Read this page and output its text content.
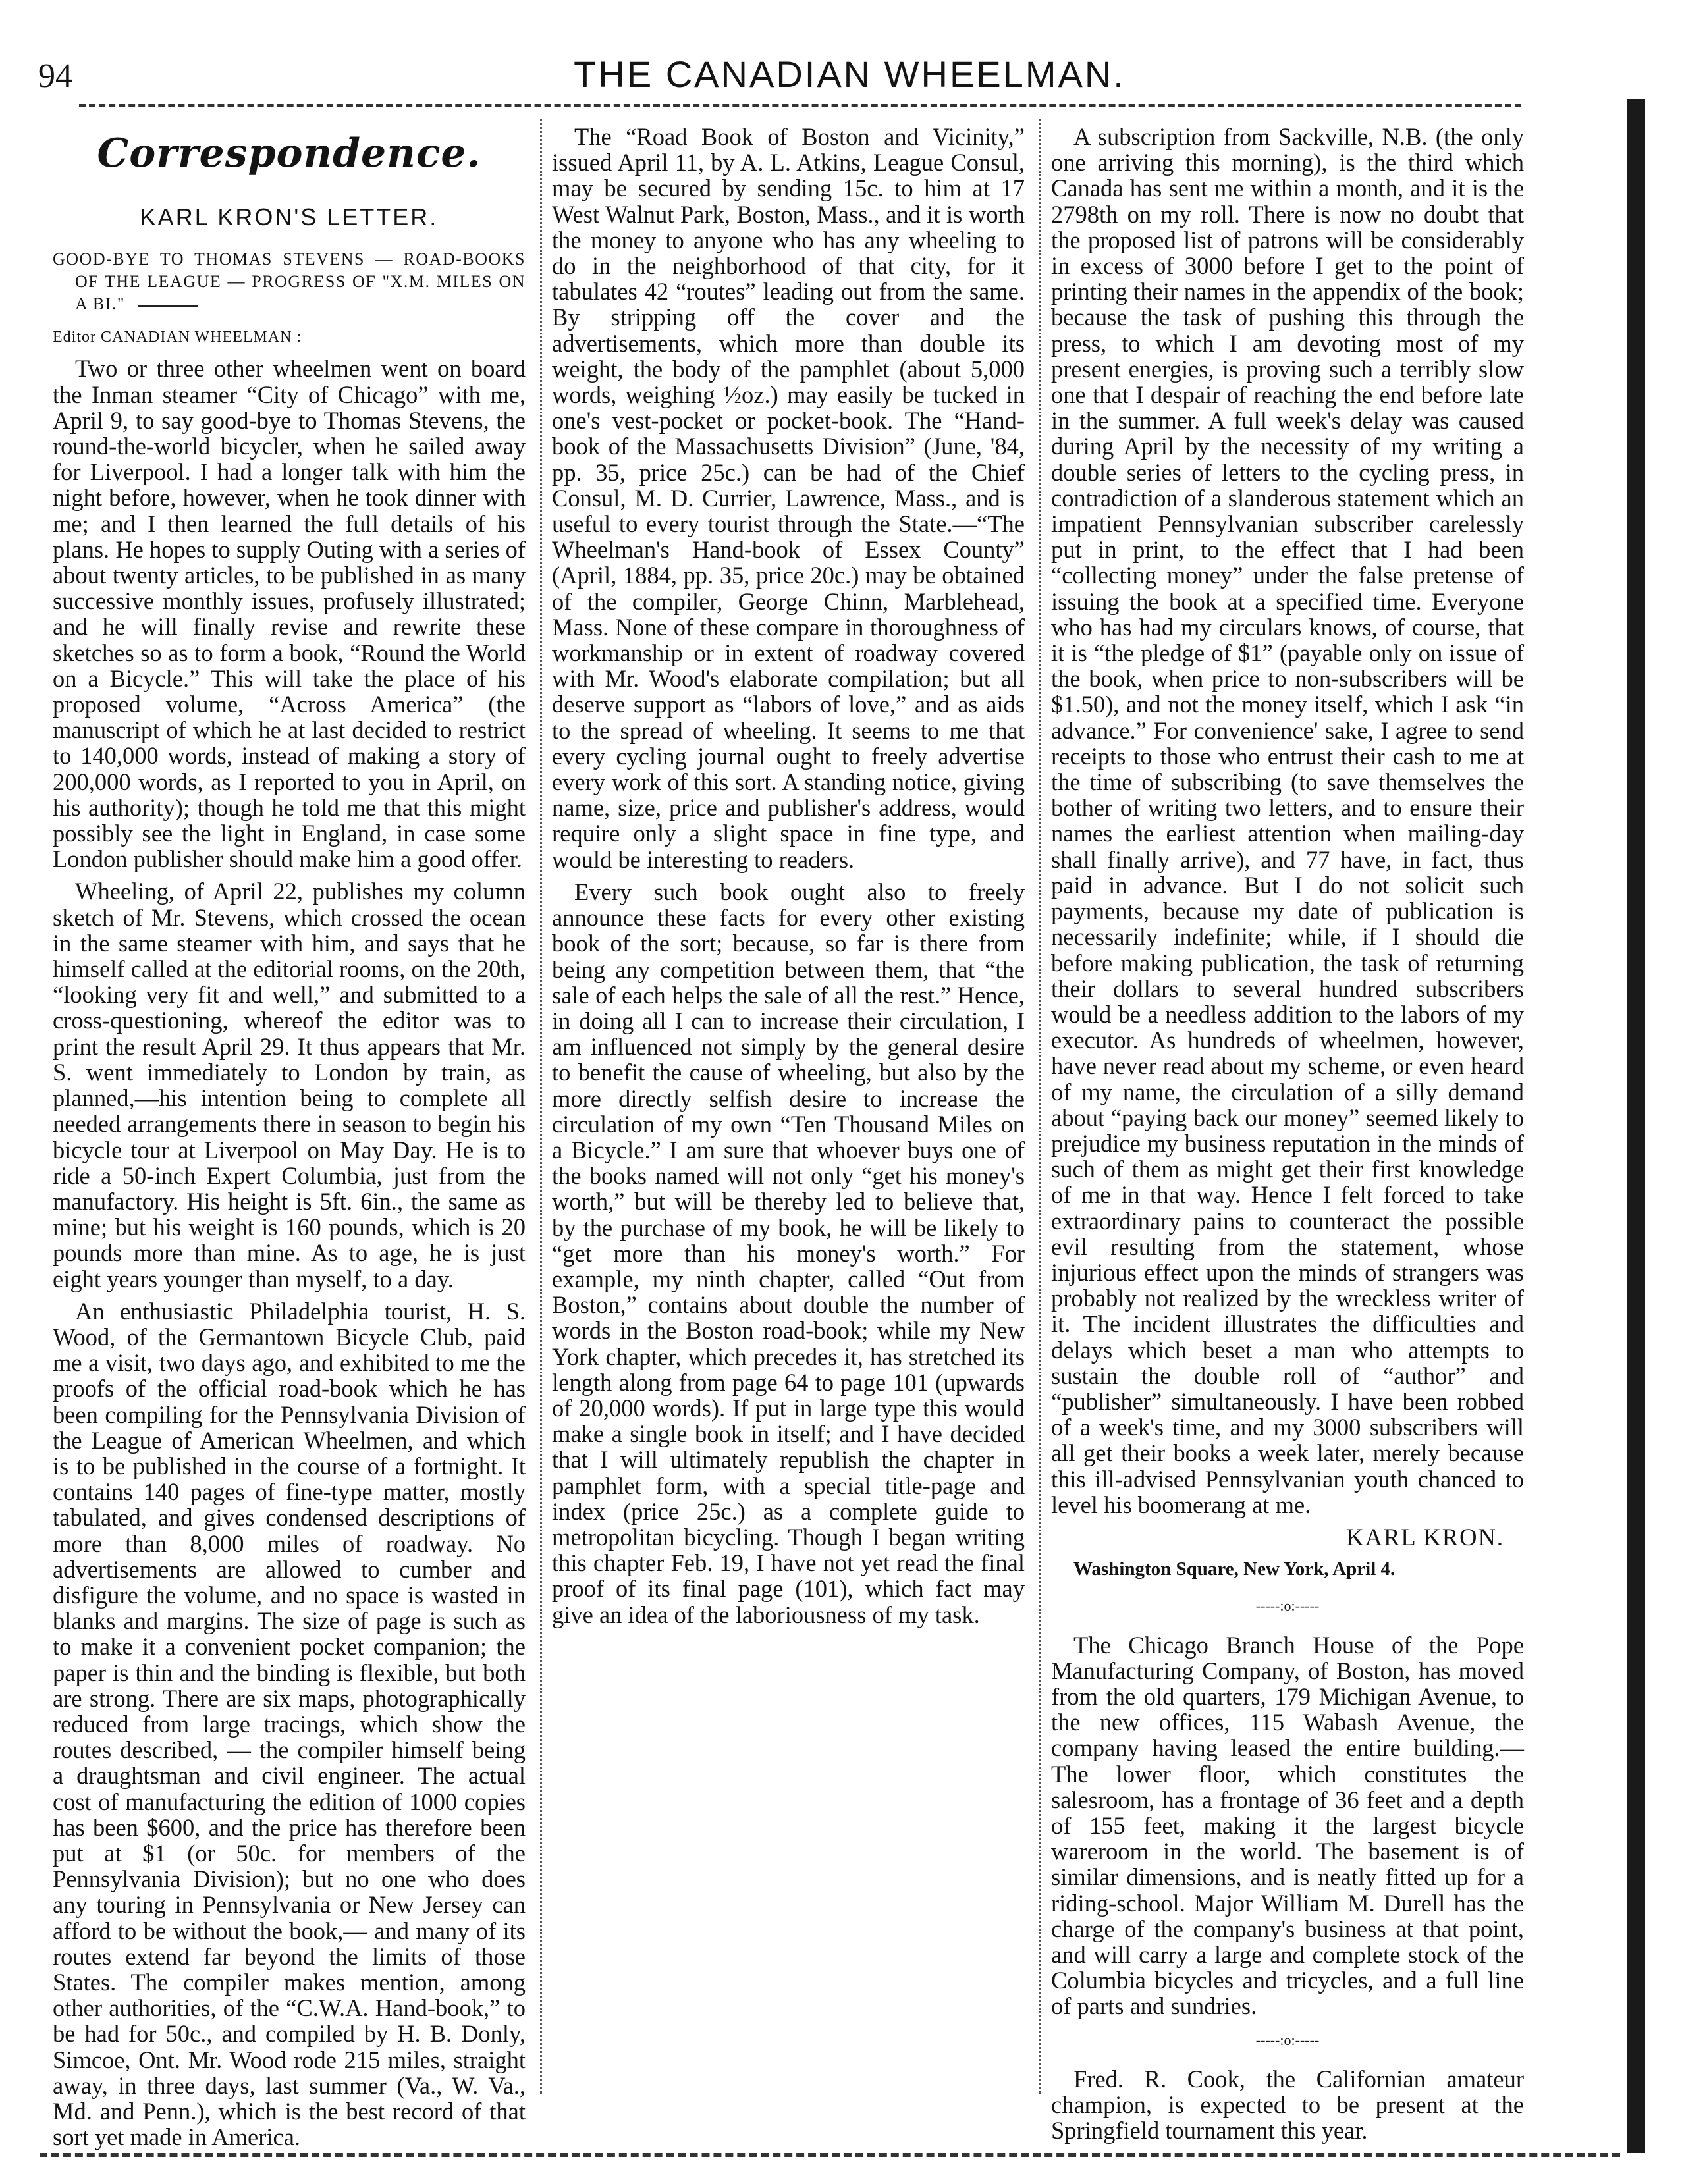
94	THE CANADIAN WHEELMAN.
Correspondence.
KARL KRON'S LETTER.
GOOD-BYE TO THOMAS STEVENS — ROAD-BOOKS OF THE LEAGUE — PROGRESS OF "X.M. MILES ON A BI."
Editor CANADIAN WHEELMAN :

Two or three other wheelmen went on board the Inman steamer “City of Chicago” with me, April 9, to say good-bye to Thomas Stevens, the round-the-world bicycler, when he sailed away for Liverpool. I had a longer talk with him the night before, however, when he took dinner with me; and I then learned the full details of his plans. He hopes to supply Outing with a series of about twenty articles, to be published in as many successive monthly issues, profusely illustrated; and he will finally revise and rewrite these sketches so as to form a book, “Round the World on a Bicycle.” This will take the place of his proposed volume, “Across America” (the manuscript of which he at last decided to restrict to 140,000 words, instead of making a story of 200,000 words, as I reported to you in April, on his authority); though he told me that this might possibly see the light in England, in case some London publisher should make him a good offer.

Wheeling, of April 22, publishes my column sketch of Mr. Stevens, which crossed the ocean in the same steamer with him, and says that he himself called at the editorial rooms, on the 20th, “looking very fit and well,” and submitted to a cross-questioning, whereof the editor was to print the result April 29. It thus appears that Mr. S. went immediately to London by train, as planned,—his intention being to complete all needed arrangements there in season to begin his bicycle tour at Liverpool on May Day. He is to ride a 50-inch Expert Columbia, just from the manufactory. His height is 5ft. 6in., the same as mine; but his weight is 160 pounds, which is 20 pounds more than mine. As to age, he is just eight years younger than myself, to a day.

An enthusiastic Philadelphia tourist, H. S. Wood, of the Germantown Bicycle Club, paid me a visit, two days ago, and exhibited to me the proofs of the official road-book which he has been compiling for the Pennsylvania Division of the League of American Wheelmen, and which is to be published in the course of a fortnight. It contains 140 pages of fine-type matter, mostly tabulated, and gives condensed descriptions of more than 8,000 miles of roadway. No advertisements are allowed to cumber and disfigure the volume, and no space is wasted in blanks and margins. The size of page is such as to make it a convenient pocket companion; the paper is thin and the binding is flexible, but both are strong. There are six maps, photographically reduced from large tracings, which show the routes described, — the compiler himself being a draughtsman and civil engineer. The actual cost of manufacturing the edition of 1000 copies has been $600, and the price has therefore been put at $1 (or 50c. for members of the Pennsylvania Division); but no one who does any touring in Pennsylvania or New Jersey can afford to be without the book,— and many of its routes extend far beyond the limits of those States. The compiler makes mention, among other authorities, of the “C.W.A. Hand-book,” to be had for 50c., and compiled by H. B. Donly, Simcoe, Ont. Mr. Wood rode 215 miles, straight away, in three days, last summer (Va., W. Va., Md. and Penn.), which is the best record of that sort yet made in America.

The “Road Book of Boston and Vicinity,” issued April 11, by A. L. Atkins, League Consul, may be secured by sending 15c. to him at 17 West Walnut Park, Boston, Mass., and it is worth the money to anyone who has any wheeling to do in the neighborhood of that city, for it tabulates 42 “routes” leading out from the same. By stripping off the cover and the advertisements, which more than double its weight, the body of the pamphlet (about 5,000 words, weighing ½oz.) may easily be tucked in one's vest-pocket or pocket-book. The “Hand-book of the Massachusetts Division” (June, '84, pp. 35, price 25c.) can be had of the Chief Consul, M. D. Currier, Lawrence, Mass., and is useful to every tourist through the State.—“The Wheelman's Hand-book of Essex County” (April, 1884, pp. 35, price 20c.) may be obtained of the compiler, George Chinn, Marblehead, Mass. None of these compare in thoroughness of workmanship or in extent of roadway covered with Mr. Wood's elaborate compilation; but all deserve support as “labors of love,” and as aids to the spread of wheeling. It seems to me that every cycling journal ought to freely advertise every work of this sort. A standing notice, giving name, size, price and publisher's address, would require only a slight space in fine type, and would be interesting to readers.

Every such book ought also to freely announce these facts for every other existing book of the sort; because, so far is there from being any competition between them, that “the sale of each helps the sale of all the rest.” Hence, in doing all I can to increase their circulation, I am influenced not simply by the general desire to benefit the cause of wheeling, but also by the more directly selfish desire to increase the circulation of my own “Ten Thousand Miles on a Bicycle.” I am sure that whoever buys one of the books named will not only “get his money's worth,” but will be thereby led to believe that, by the purchase of my book, he will be likely to “get more than his money's worth.” For example, my ninth chapter, called “Out from Boston,” contains about double the number of words in the Boston road-book; while my New York chapter, which precedes it, has stretched its length along from page 64 to page 101 (upwards of 20,000 words). If put in large type this would make a single book in itself; and I have decided that I will ultimately republish the chapter in pamphlet form, with a special title-page and index (price 25c.) as a complete guide to metropolitan bicycling. Though I began writing this chapter Feb. 19, I have not yet read the final proof of its final page (101), which fact may give an idea of the laboriousness of my task.

A subscription from Sackville, N.B. (the only one arriving this morning), is the third which Canada has sent me within a month, and it is the 2798th on my roll. There is now no doubt that the proposed list of patrons will be considerably in excess of 3000 before I get to the point of printing their names in the appendix of the book; because the task of pushing this through the press, to which I am devoting most of my present energies, is proving such a terribly slow one that I despair of reaching the end before late in the summer. A full week's delay was caused during April by the necessity of my writing a double series of letters to the cycling press, in contradiction of a slanderous statement which an impatient Pennsylvanian subscriber carelessly put in print, to the effect that I had been “collecting money” under the false pretense of issuing the book at a specified time. Everyone who has had my circulars knows, of course, that it is “the pledge of $1” (payable only on issue of the book, when price to non-subscribers will be $1.50), and not the money itself, which I ask “in advance.” For convenience' sake, I agree to send receipts to those who entrust their cash to me at the time of subscribing (to save themselves the bother of writing two letters, and to ensure their names the earliest attention when mailing-day shall finally arrive), and 77 have, in fact, thus paid in advance. But I do not solicit such payments, because my date of publication is necessarily indefinite; while, if I should die before making publication, the task of returning their dollars to several hundred subscribers would be a needless addition to the labors of my executor. As hundreds of wheelmen, however, have never read about my scheme, or even heard of my name, the circulation of a silly demand about “paying back our money” seemed likely to prejudice my business reputation in the minds of such of them as might get their first knowledge of me in that way. Hence I felt forced to take extraordinary pains to counteract the possible evil resulting from the statement, whose injurious effect upon the minds of strangers was probably not realized by the wreckless writer of it. The incident illustrates the difficulties and delays which beset a man who attempts to sustain the double roll of “author” and “publisher” simultaneously. I have been robbed of a week's time, and my 3000 subscribers will all get their books a week later, merely because this ill-advised Pennsylvanian youth chanced to level his boomerang at me.

KARL KRON.
Washington Square, New York, April 4.
-----:o:-----

The Chicago Branch House of the Pope Manufacturing Company, of Boston, has moved from the old quarters, 179 Michigan Avenue, to the new offices, 115 Wabash Avenue, the company having leased the entire building.— The lower floor, which constitutes the salesroom, has a frontage of 36 feet and a depth of 155 feet, making it the largest bicycle wareroom in the world. The basement is of similar dimensions, and is neatly fitted up for a riding-school. Major William M. Durell has the charge of the company's business at that point, and will carry a large and complete stock of the Columbia bicycles and tricycles, and a full line of parts and sundries.

-----:o:-----

Fred. R. Cook, the Californian amateur champion, is expected to be present at the Springfield tournament this year.
